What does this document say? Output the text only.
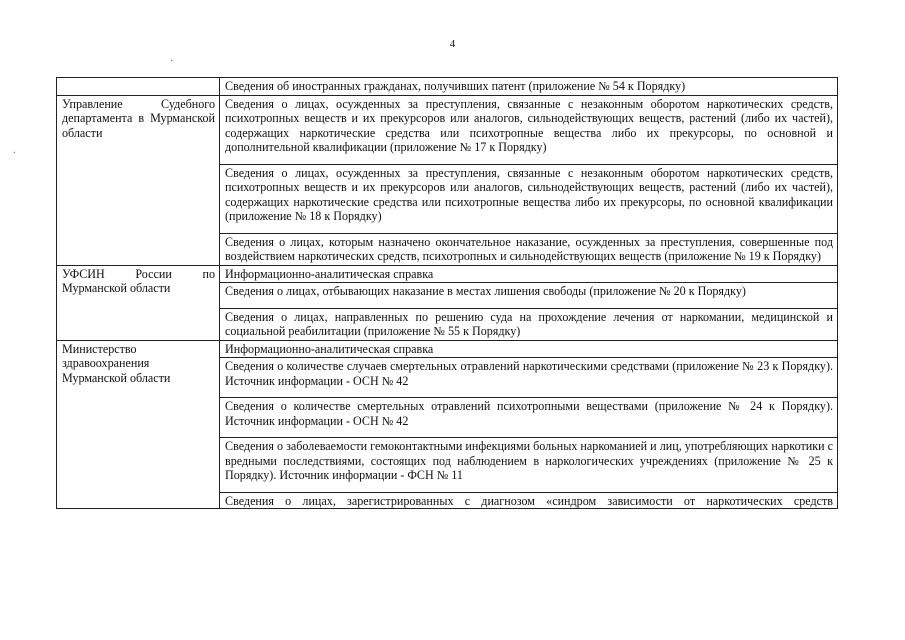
4
.
·
	Сведения об иностранных гражданах, получивших патент (приложение № 54 к Порядку)
Управление Судебного департамента в Мурманской области	Сведения о лицах, осужденных за преступления, связанные с незаконным оборотом наркотических средств, психотропных веществ и их прекурсоров или аналогов, сильнодействующих веществ, растений (либо их частей), содержащих наркотические средства или психотропные вещества либо их прекурсоры, по основной и дополнительной квалификации (приложение № 17 к Порядку)
	Сведения о лицах, осужденных за преступления, связанные с незаконным оборотом наркотических средств, психотропных веществ и их прекурсоров или аналогов, сильнодействующих веществ, растений (либо их частей), содержащих наркотические средства или психотропные вещества либо их прекурсоры, по основной квалификации (приложение № 18 к Порядку)
	Сведения о лицах, которым назначено окончательное наказание, осужденных за преступления, совершенные под воздействием наркотических средств, психотропных и сильнодействующих веществ (приложение № 19 к Порядку)
УФСИН России по Мурманской области	Информационно-аналитическая справка
	Сведения о лицах, отбывающих наказание в местах лишения свободы (приложение № 20 к Порядку)
	Сведения о лицах, направленных по решению суда на прохождение лечения от наркомании, медицинской и социальной реабилитации (приложение № 55 к Порядку)
Министерство здравоохранения Мурманской области	Информационно-аналитическая справка
	Сведения о количестве случаев смертельных отравлений наркотическими средствами (приложение № 23 к Порядку). Источник информации - ОСН № 42
	Сведения о количестве смертельных отравлений психотропными веществами (приложение № 24 к Порядку). Источник информации - ОСН № 42
	Сведения о заболеваемости гемоконтактными инфекциями больных наркоманией и лиц, употребляющих наркотики с вредными последствиями, состоящих под наблюдением в наркологических учреждениях (приложение № 25 к Порядку). Источник информации - ФСН № 11
	Сведения о лицах, зарегистрированных с диагнозом «синдром зависимости от наркотических средств
